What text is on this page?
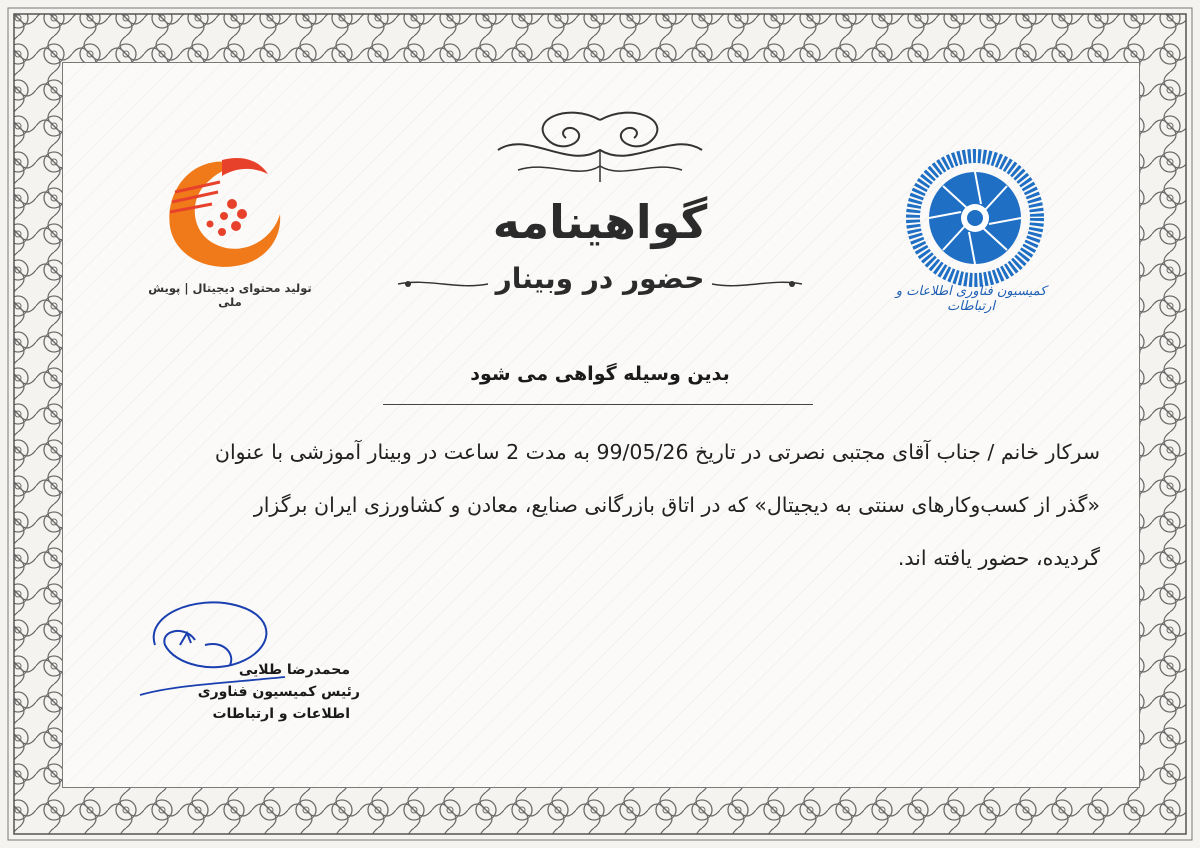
گواهینامه
حضور در وبینار
بدین وسیله گواهی می شود
سرکار خانم / جناب آقای مجتبی نصرتی در تاریخ 99/05/26 به مدت 2 ساعت در وبینار آموزشی با عنوان
«گذر از کسب‌وکارهای سنتی به دیجیتال» که در اتاق بازرگانی صنایع، معادن و کشاورزی ایران برگزار
گردیده، حضور یافته اند.
تولید محتوای دیجیتال | پویش ملی
کمیسیون فناوری اطلاعات و ارتباطات
محمدرضا طلایی
رئیس کمیسیون فناوری
اطلاعات و ارتباطات
